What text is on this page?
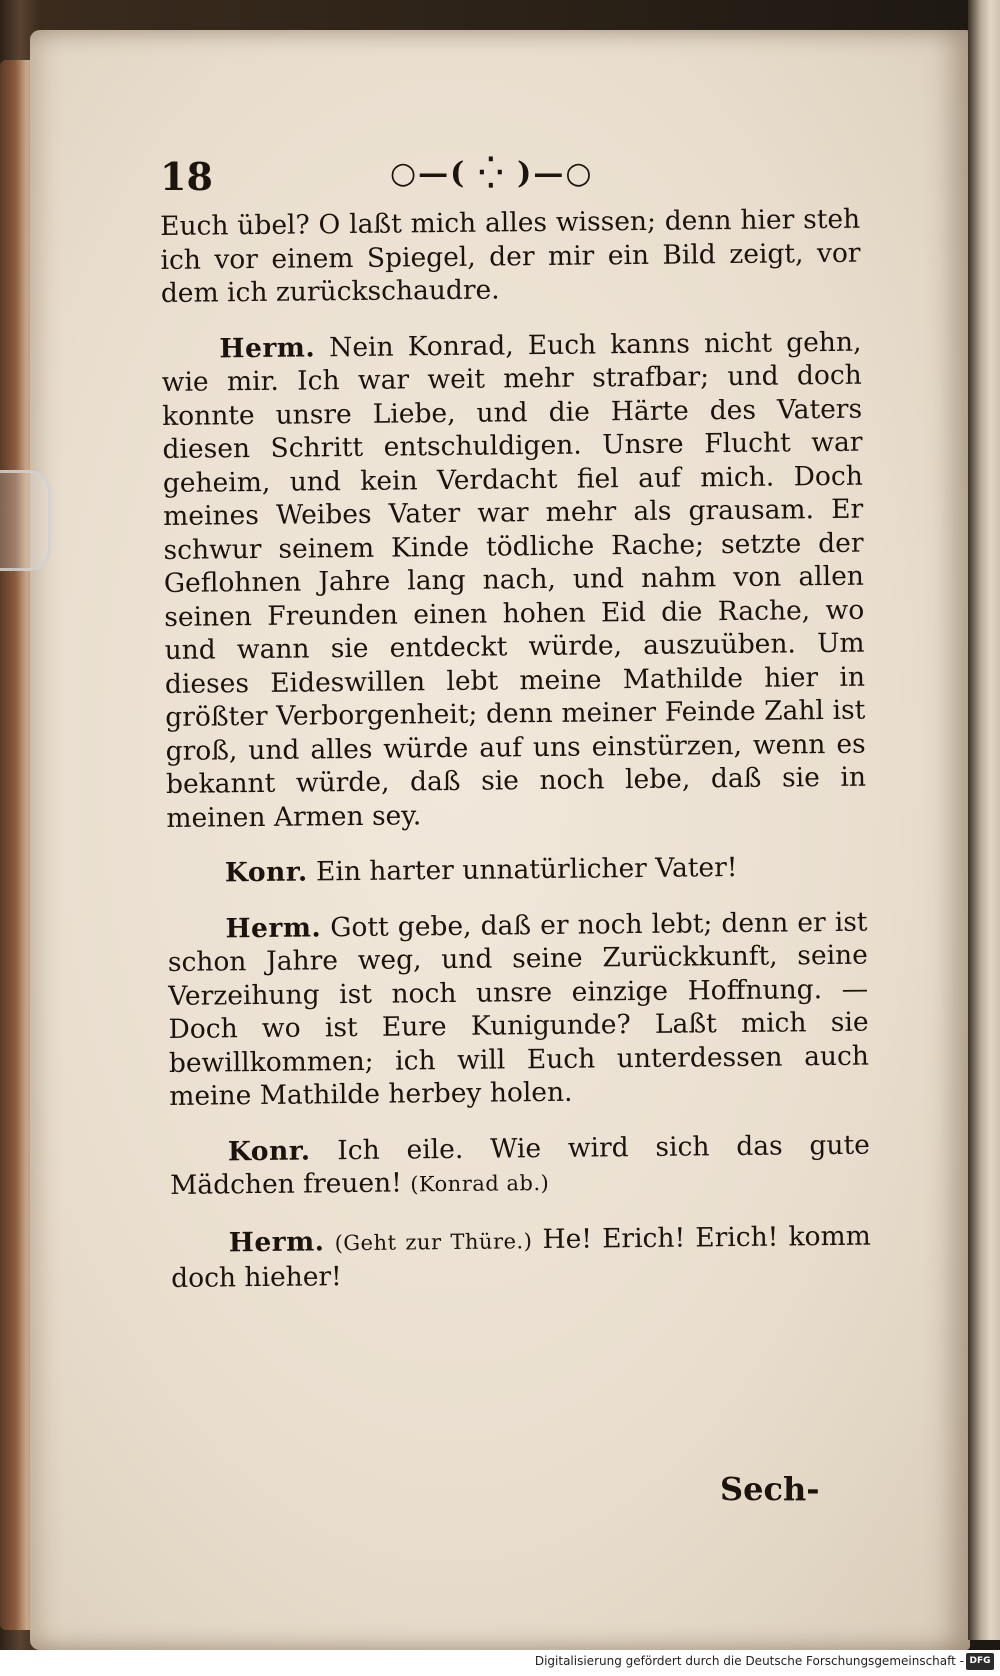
18	○—( ⁛ )—○

Euch übel? O laßt mich alles wissen; denn hier steh ich vor einem Spiegel, der mir ein Bild zeigt, vor dem ich zurückschaudre.

Herm. Nein Konrad, Euch kanns nicht gehn, wie mir. Ich war weit mehr strafbar; und doch konnte unsre Liebe, und die Härte des Vaters diesen Schritt entschuldigen. Unsre Flucht war geheim, und kein Verdacht fiel auf mich. Doch meines Weibes Vater war mehr als grausam. Er schwur seinem Kinde tödliche Rache; setzte der Geflohnen Jahre lang nach, und nahm von allen seinen Freunden einen hohen Eid die Rache, wo und wann sie entdeckt würde, auszuüben. Um dieses Eideswillen lebt meine Mathilde hier in größter Verborgenheit; denn meiner Feinde Zahl ist groß, und alles würde auf uns einstürzen, wenn es bekannt würde, daß sie noch lebe, daß sie in meinen Armen sey.

Konr. Ein harter unnatürlicher Vater!

Herm. Gott gebe, daß er noch lebt; denn er ist schon Jahre weg, und seine Zurückkunft, seine Verzeihung ist noch unsre einzige Hoffnung. — Doch wo ist Eure Kunigunde? Laßt mich sie bewillkommen; ich will Euch unterdessen auch meine Mathilde herbey holen.

Konr. Ich eile. Wie wird sich das gute Mädchen freuen! (Konrad ab.)

Herm. (Geht zur Thüre.) He! Erich! Erich! komm doch hieher!

Sech-
Digitalisierung gefördert durch die Deutsche Forschungsgemeinschaft - DFG
